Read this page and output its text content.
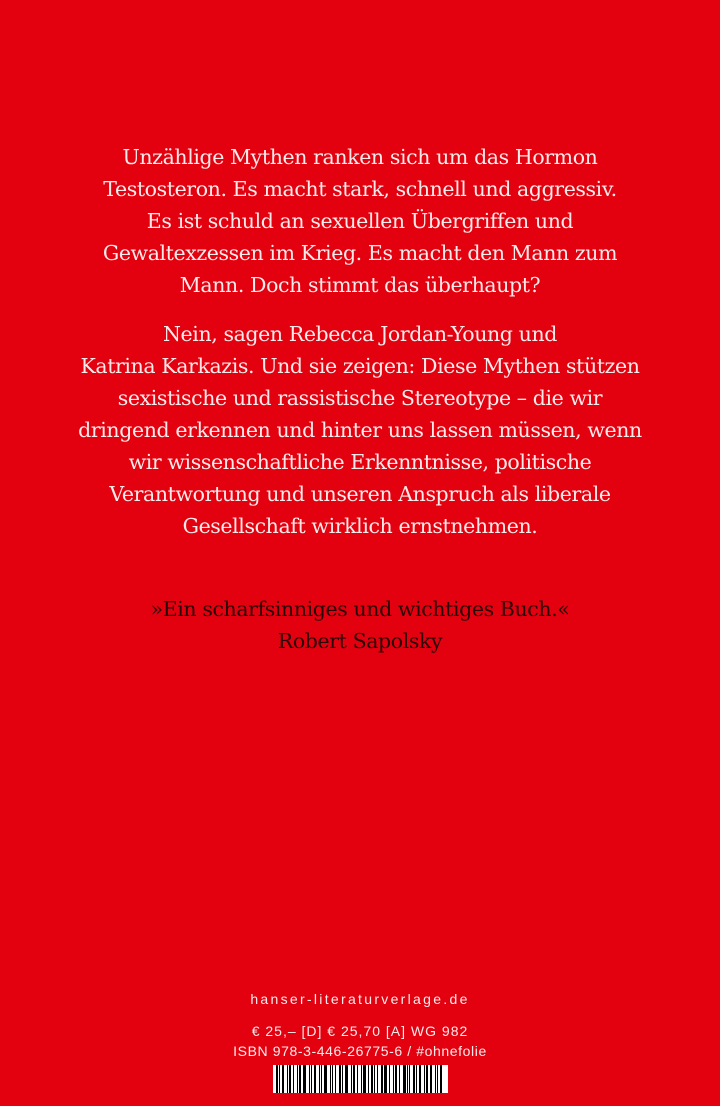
Unzählige Mythen ranken sich um das Hormon
Testosteron. Es macht stark, schnell und aggressiv.
Es ist schuld an sexuellen Übergriffen und
Gewaltexzessen im Krieg. Es macht den Mann zum
Mann. Doch stimmt das überhaupt?
Nein, sagen Rebecca Jordan-Young und
Katrina Karkazis. Und sie zeigen: Diese Mythen stützen
sexistische und rassistische Stereotype – die wir
dringend erkennen und hinter uns lassen müssen, wenn
wir wissenschaftliche Erkenntnisse, politische
Verantwortung und unseren Anspruch als liberale
Gesellschaft wirklich ernstnehmen.
»Ein scharfsinniges und wichtiges Buch.«
Robert Sapolsky
hanser-literaturverlage.de
€ 25,– [D] € 25,70 [A] WG 982
ISBN 978-3-446-26775-6 / #ohnefolie
